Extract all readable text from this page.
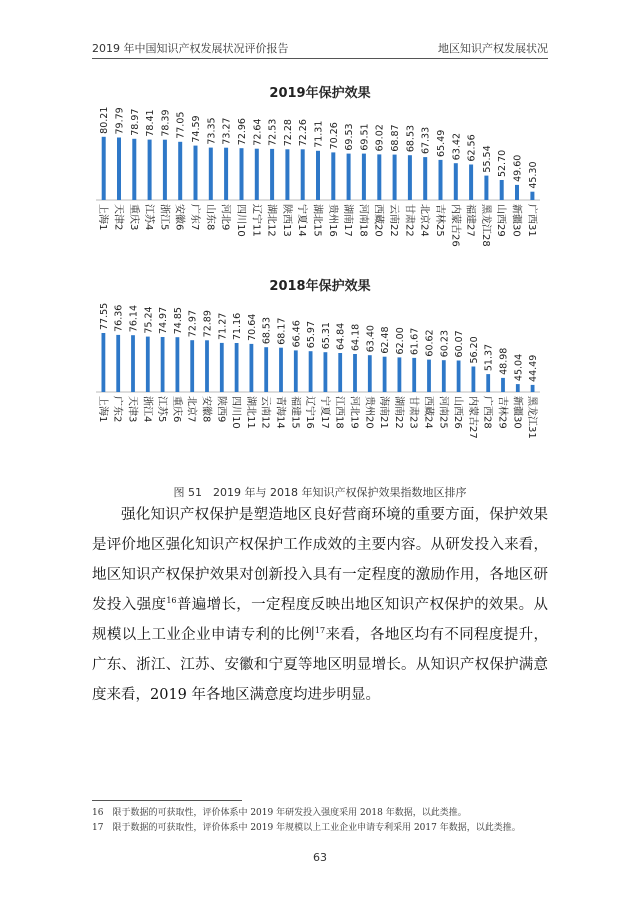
2019 年中国知识产权发展状况评价报告	地区知识产权发展状况
2019年保护效果
80.21
上海1
79.79
天津2
78.97
重庆3
78.41
江苏4
78.39
浙江5
77.05
安徽6
74.59
广东7
73.35
山东8
73.27
河北9
72.96
四川10
72.64
辽宁11
72.53
湖北12
72.28
陕西13
72.26
宁夏14
71.31
湖北15
70.26
贵州16
69.53
湖南17
69.51
河南18
69.02
西藏20
68.87
云南22
68.53
甘肃22
67.33
北京24
65.49
吉林25
63.42
内蒙古26
62.56
福建27
55.54
黑龙江28
52.70
山西29
49.60
新疆30
45.30
广西31
2018年保护效果
77.55
上海1
76.36
广东2
76.14
天津3
75.24
浙江4
74.97
江苏5
74.85
重庆6
72.97
北京7
72.89
安徽8
71.27
陕西9
71.16
四川10
70.64
湖北11
68.53
云南12
68.17
青海14
66.46
福建15
65.97
辽宁16
65.31
宁夏17
64.84
江西18
64.18
河北19
63.40
贵州20
62.48
海南21
62.00
湖南22
61.67
甘肃23
60.62
西藏24
60.23
河南25
60.07
山西26
56.20
内蒙古27
51.37
广西28
48.98
吉林29
45.04
新疆30
44.49
黑龙江31
图 51　2019 年与 2018 年知识产权保护效果指数地区排序

强化知识产权保护是塑造地区良好营商环境的重要方面，保护效果是评价地区强化知识产权保护工作成效的主要内容。从研发投入来看，地区知识产权保护效果对创新投入具有一定程度的激励作用，各地区研发投入强度$^{16}$普遍增长，一定程度反映出地区知识产权保护的效果。从规模以上工业企业申请专利的比例$^{17}$来看，各地区均有不同程度提升，广东、浙江、江苏、安徽和宁夏等地区明显增长。从知识产权保护满意度来看，2019 年各地区满意度均进步明显。

16　限于数据的可获取性，评价体系中 2019 年研发投入强度采用 2018 年数据，以此类推。
17　限于数据的可获取性，评价体系中 2019 年规模以上工业企业申请专利采用 2017 年数据，以此类推。
63
